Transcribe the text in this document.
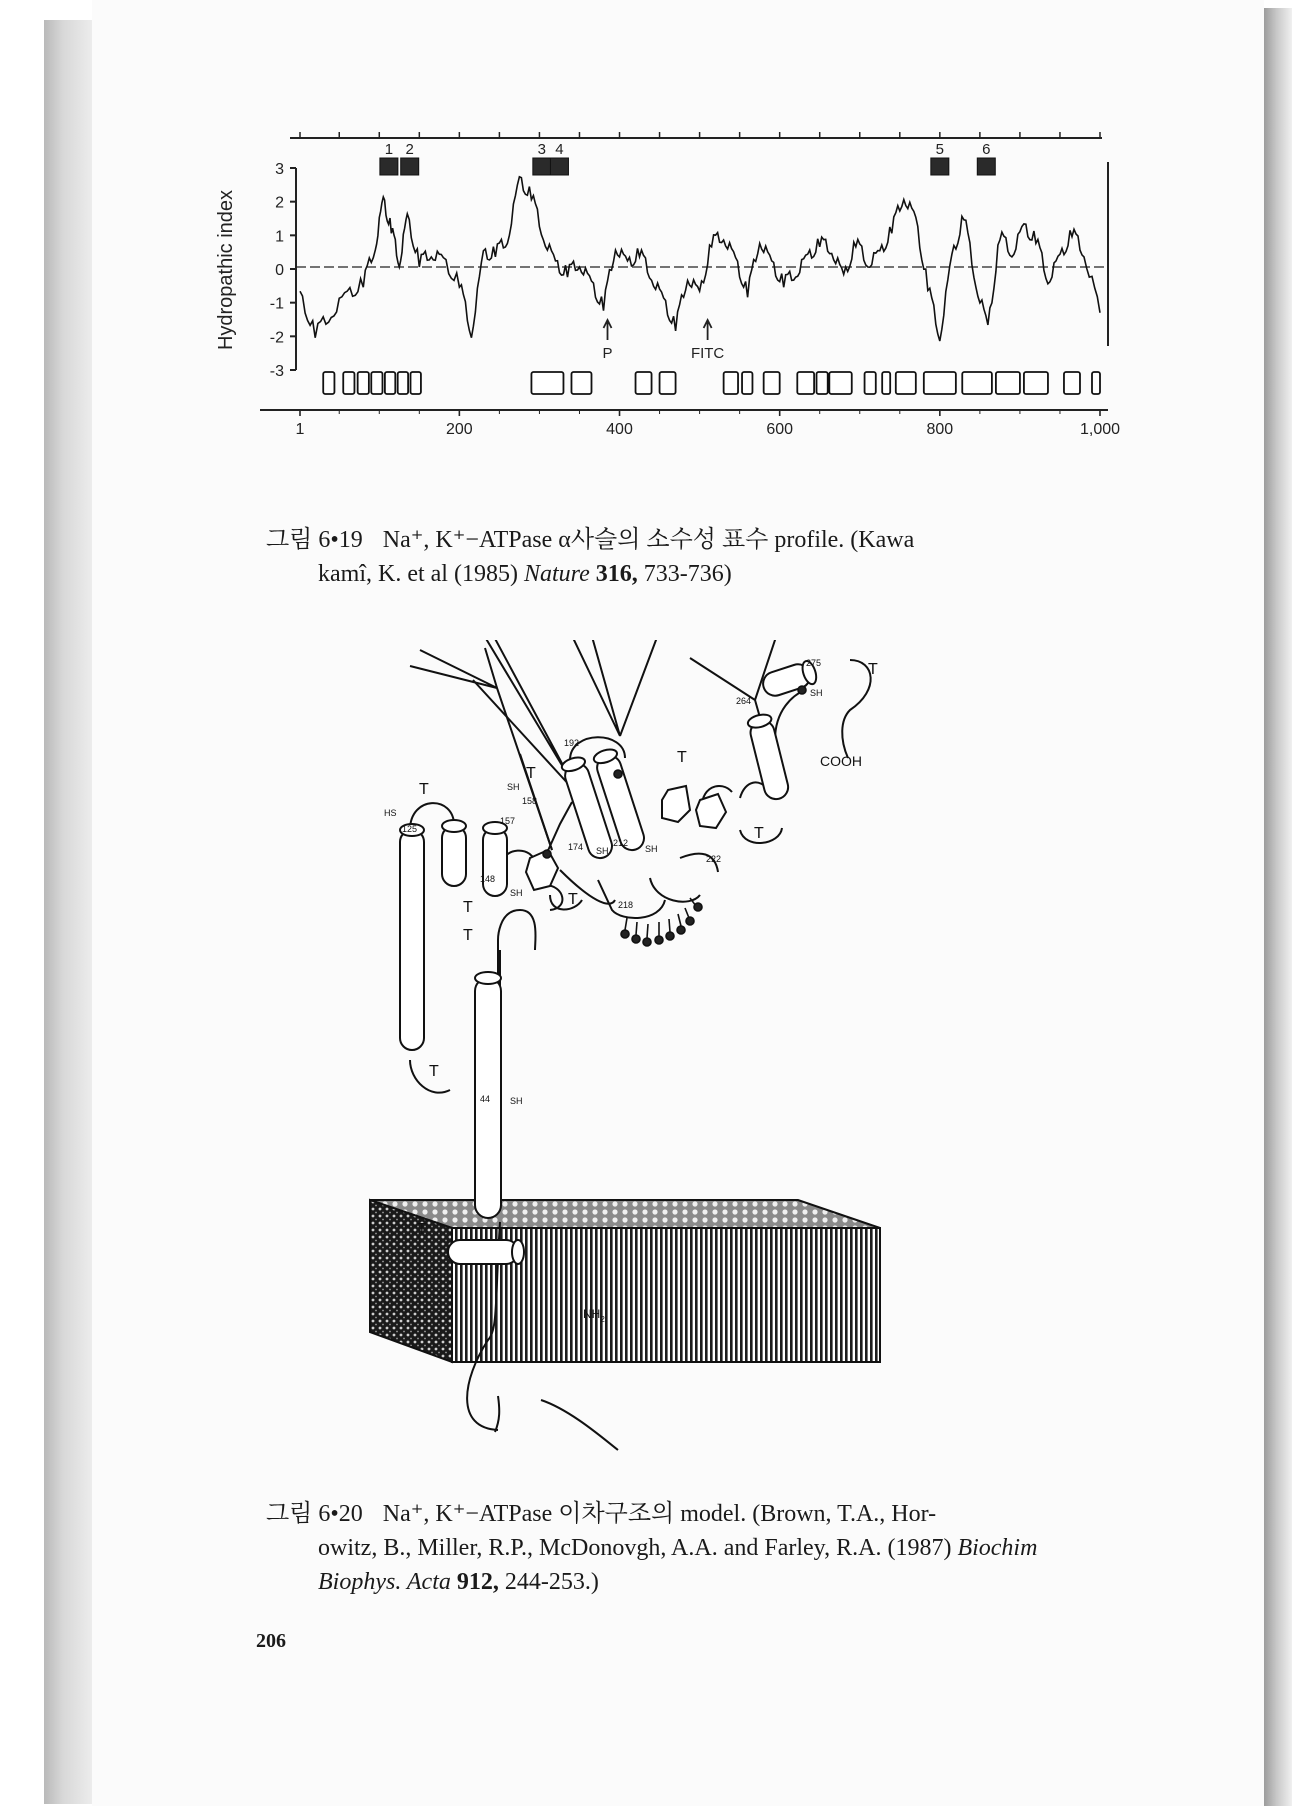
1 2	3 4	5	6
3
2
1
0
-1
-2
-3
Hydropathic index
P	FITC
1	200	400	600	800	1,000
그림 6•19 Na⁺, K⁺−ATPase α사슬의 소수성 표수 profile. (Kawa
kamî, K. et al (1985) Nature 316, 733-736)
T
T
T
T
T
T
T
T
T
T
275
264
192
158
157
125
148
174	212
222
218
44
SH
SH
SH
SH	SH
SH
HS
COOH
$NH_2$
그림 6•20 Na⁺, K⁺−ATPase 이차구조의 model. (Brown, T.A., Hor-
owitz, B., Miller, R.P., McDonovgh, A.A. and Farley, R.A. (1987) Biochim
Biophys. Acta 912, 244-253.)
206
